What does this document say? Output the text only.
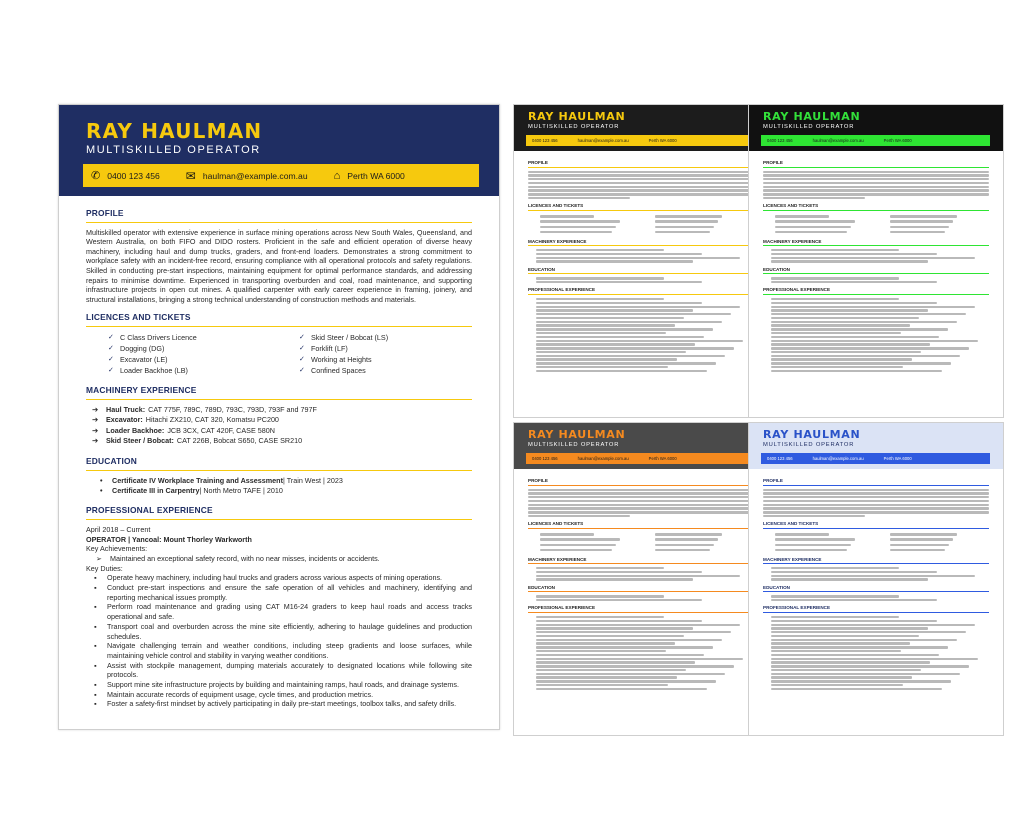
RAY HAULMAN
MULTISKILLED OPERATOR
✆ 0400 123 456 ✉ haulman@example.com.au ⌂ Perth WA 6000
PROFILE
Multiskilled operator with extensive experience in surface mining operations across New South Wales, Queensland, and Western Australia, on both FIFO and DIDO rosters. Proficient in the safe and efficient operation of diverse heavy machinery, including haul and dump trucks, graders, and front-end loaders. Demonstrates a strong commitment to workplace safety with an incident-free record, ensuring compliance with all operational protocols and safety regulations. Skilled in conducting pre-start inspections, maintaining equipment for optimal performance standards, and addressing repairs to minimise downtime. Experienced in transporting overburden and coal, road maintenance, and supporting infrastructure projects in open cut mines. A qualified carpenter with early career experience in framing, joinery, and structural installations, bringing a strong technical understanding of construction methods and materials.
LICENCES AND TICKETS
✓ C Class Drivers Licence	✓ Skid Steer / Bobcat (LS)
✓ Dogging (DG)	✓ Forklift (LF)
✓ Excavator (LE)	✓ Working at Heights
✓ Loader Backhoe (LB)	✓ Confined Spaces
MACHINERY EXPERIENCE
➔	Haul Truck: CAT 775F, 789C, 789D, 793C, 793D, 793F and 797F
➔	Excavator: Hitachi ZX210, CAT 320, Komatsu PC200
➔	Loader Backhoe: JCB 3CX, CAT 420F, CASE 580N
➔	Skid Steer / Bobcat: CAT 226B, Bobcat S650, CASE SR210
EDUCATION
•	Certificate IV Workplace Training and Assessment | Train West | 2023
•	Certificate III in Carpentry | North Metro TAFE | 2010
PROFESSIONAL EXPERIENCE
April 2018 – Current
OPERATOR | Yancoal: Mount Thorley Warkworth
Key Achievements:
➢	Maintained an exceptional safety record, with no near misses, incidents or accidents.
Key Duties:
▪	Operate heavy machinery, including haul trucks and graders across various aspects of mining operations.
▪	Conduct pre-start inspections and ensure the safe operation of all vehicles and machinery, identifying and reporting mechanical issues promptly.
▪	Perform road maintenance and grading using CAT M16-24 graders to keep haul roads and access tracks operational and safe.
▪	Transport coal and overburden across the mine site efficiently, adhering to haulage guidelines and production schedules.
▪	Navigate challenging terrain and weather conditions, including steep gradients and loose surfaces, while maintaining vehicle control and stability in varying weather conditions.
▪	Assist with stockpile management, dumping materials accurately to designated locations while following site protocols.
▪	Support mine site infrastructure projects by building and maintaining ramps, haul roads, and drainage systems.
▪	Maintain accurate records of equipment usage, cycle times, and production metrics.
▪	Foster a safety-first mindset by actively participating in daily pre-start meetings, toolbox talks, and safety drills.
RAY HAULMAN
MULTISKILLED OPERATOR
0400 123 456	haulman@example.com.au	Perth WA 6000
PROFILE
LICENCES AND TICKETS
MACHINERY EXPERIENCE
EDUCATION
PROFESSIONAL EXPERIENCE
RAY HAULMAN
MULTISKILLED OPERATOR
0400 123 456	haulman@example.com.au	Perth WA 6000
PROFILE
LICENCES AND TICKETS
MACHINERY EXPERIENCE
EDUCATION
PROFESSIONAL EXPERIENCE
RAY HAULMAN
MULTISKILLED OPERATOR
0400 123 456	haulman@example.com.au	Perth WA 6000
PROFILE
LICENCES AND TICKETS
MACHINERY EXPERIENCE
EDUCATION
PROFESSIONAL EXPERIENCE
RAY HAULMAN
MULTISKILLED OPERATOR
0400 123 456	haulman@example.com.au	Perth WA 6000
PROFILE
LICENCES AND TICKETS
MACHINERY EXPERIENCE
EDUCATION
PROFESSIONAL EXPERIENCE
